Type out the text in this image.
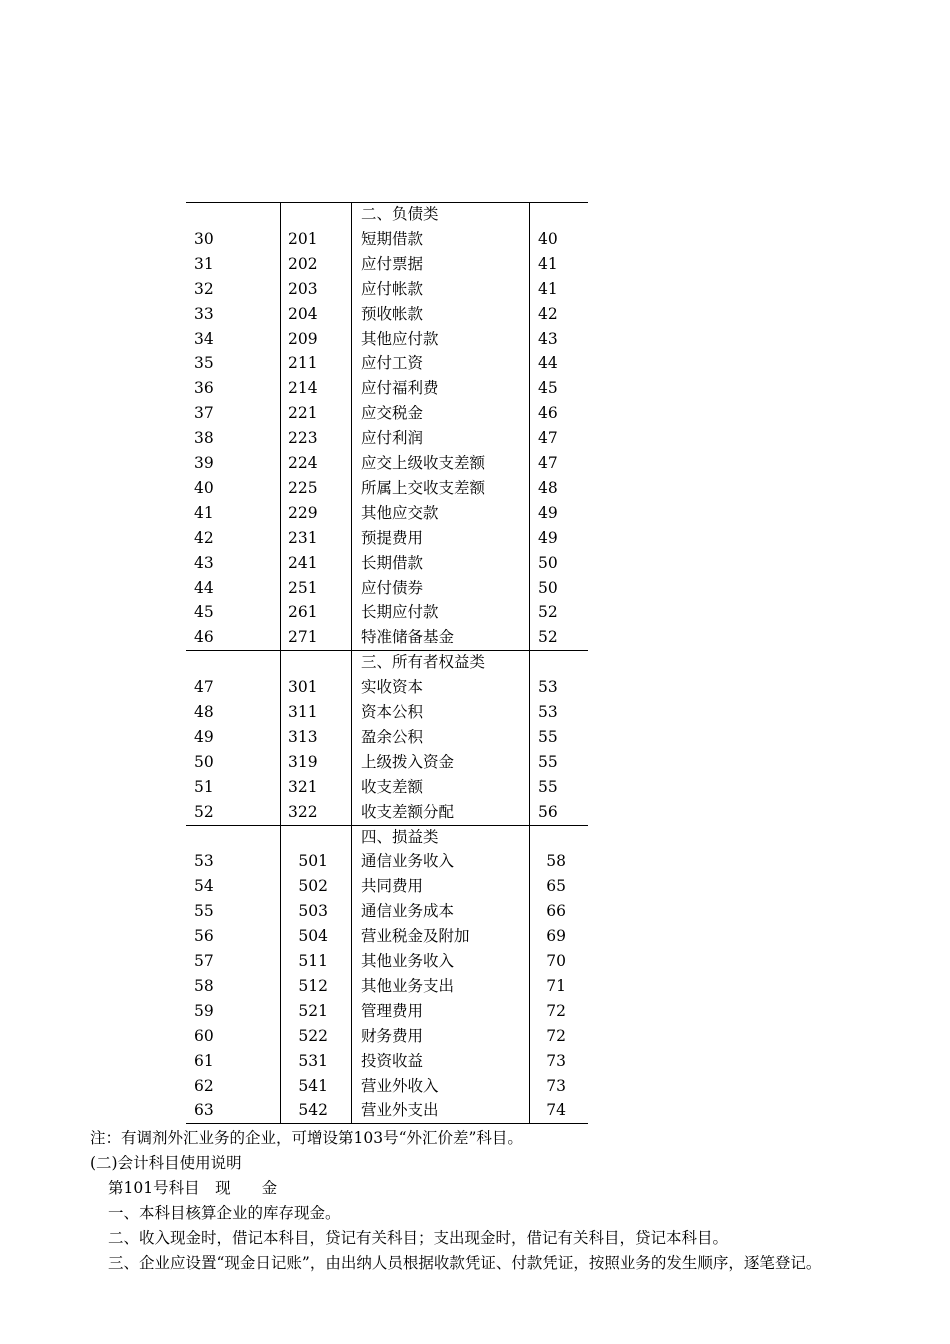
二、负债类
30	201	短期借款	40
31	202	应付票据	41
32	203	应付帐款	41
33	204	预收帐款	42
34	209	其他应付款	43
35	211	应付工资	44
36	214	应付福利费	45
37	221	应交税金	46
38	223	应付利润	47
39	224	应交上级收支差额	47
40	225	所属上交收支差额	48
41	229	其他应交款	49
42	231	预提费用	49
43	241	长期借款	50
44	251	应付债券	50
45	261	长期应付款	52
46	271	特准储备基金	52
三、所有者权益类
47	301	实收资本	53
48	311	资本公积	53
49	313	盈余公积	55
50	319	上级拨入资金	55
51	321	收支差额	55
52	322	收支差额分配	56
四、损益类
53	501 通信业务收入	58
54	502 共同费用	65
55	503 通信业务成本	66
56	504 营业税金及附加	69
57	511 其他业务收入	70
58	512 其他业务支出	71
59	521 管理费用	72
60	522 财务费用	72
61	531 投资收益	73
62	541 营业外收入	73
63	542 营业外支出	74

注：有调剂外汇业务的企业，可增设第103号“外汇价差”科目。

(二)会计科目使用说明

第101号科目　现　　金

一、本科目核算企业的库存现金。

二、收入现金时，借记本科目，贷记有关科目；支出现金时，借记有关科目，贷记本科目。

三、企业应设置“现金日记账”，由出纳人员根据收款凭证、付款凭证，按照业务的发生顺序，逐笔登记。
